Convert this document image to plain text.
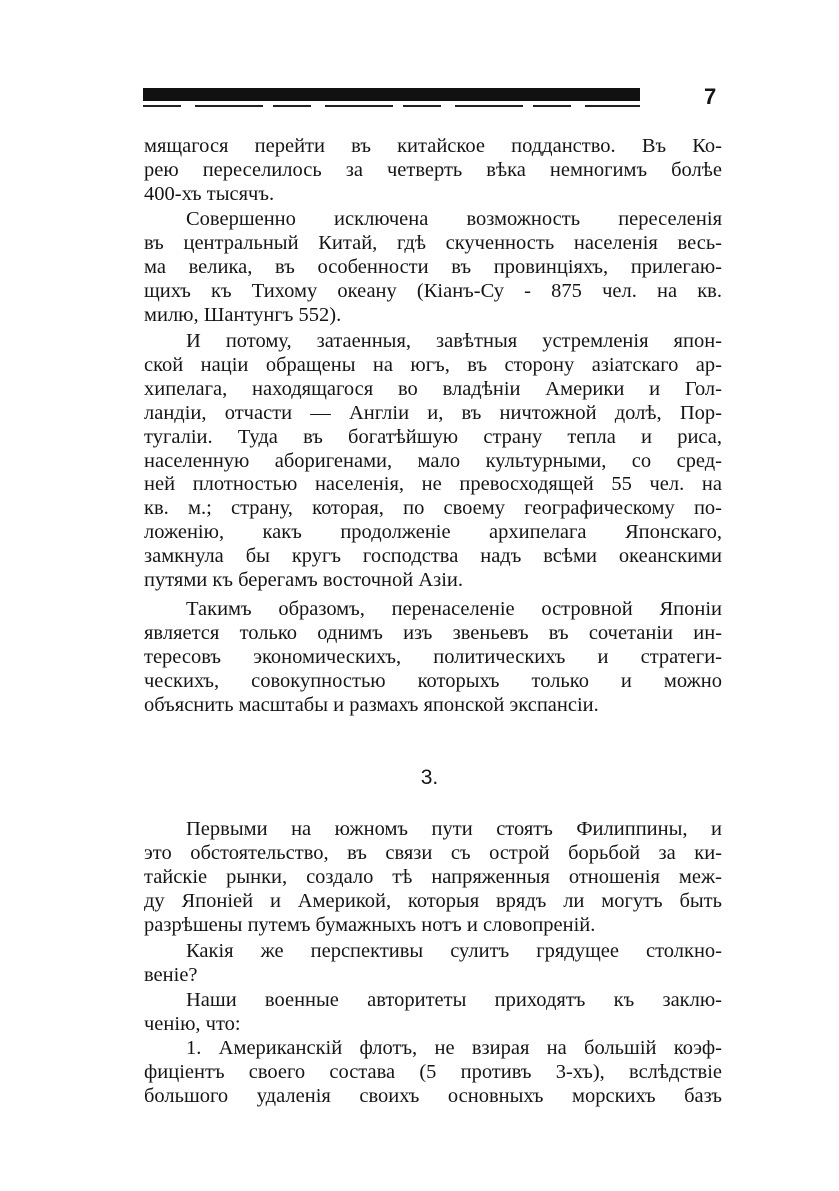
7
мящагося перейти въ китайское подданство. Въ Ко-
рею переселилось за четверть вѣка немногимъ болѣе
400-хъ тысячъ.
Совершенно исключена возможность переселенія
въ центральный Китай, гдѣ скученность населенія весь-
ма велика, въ особенности въ провинціяхъ, прилегаю-
щихъ къ Тихому океану (Кіанъ-Су - 875 чел. на кв.
милю, Шантунгъ 552).
И потому, затаенныя, завѣтныя устремленія япон-
ской націи обращены на югъ, въ сторону азіатскаго ар-
хипелага, находящагося во владѣніи Америки и Гол-
ландіи, отчасти — Англіи и, въ ничтожной долѣ, Пор-
тугаліи. Туда въ богатѣйшую страну тепла и риса,
населенную аборигенами, мало культурными, со сред-
ней плотностью населенія, не превосходящей 55 чел. на
кв. м.; страну, которая, по своему географическому по-
ложенію, какъ продолженіе архипелага Японскаго,
замкнула бы кругъ господства надъ всѣми океанскими
путями къ берегамъ восточной Азіи.
Такимъ образомъ, перенаселеніе островной Японіи
является только однимъ изъ звеньевъ въ сочетаніи ин-
тересовъ экономическихъ, политическихъ и стратеги-
ческихъ, совокупностью которыхъ только и можно
объяснить масштабы и размахъ японской экспансіи.
3.
Первыми на южномъ пути стоятъ Филиппины, и
это обстоятельство, въ связи съ острой борьбой за ки-
тайскіе рынки, создало тѣ напряженныя отношенія меж-
ду Японіей и Америкой, которыя врядъ ли могутъ быть
разрѣшены путемъ бумажныхъ нотъ и словопреній.
Какія же перспективы сулитъ грядущее столкно-
веніе?
Наши военные авторитеты приходятъ къ заклю-
ченію, что:
1. Американскій флотъ, не взирая на большій коэф-
фиціентъ своего состава (5 противъ 3-хъ), вслѣдствіе
большого удаленія своихъ основныхъ морскихъ базъ
